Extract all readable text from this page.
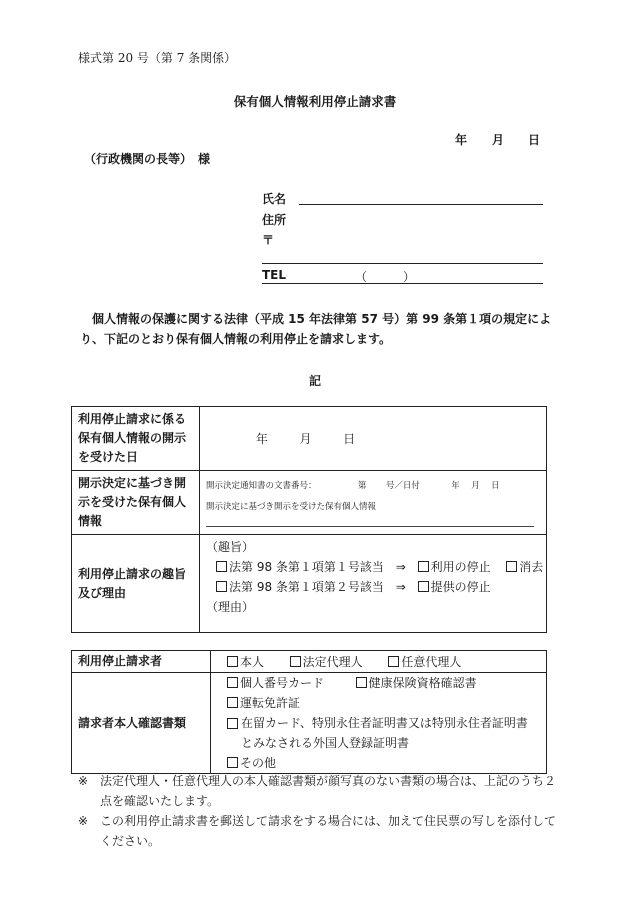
様式第 20 号（第 7 条関係）
保有個人情報利用停止請求書
年 月 日
（行政機関の長等）　様
氏名
住所
〒
TEL	（　　　）
個人情報の保護に関する法律（平成 15 年法律第 57 号）第 99 条第１項の規定により、下記のとおり保有個人情報の利用停止を請求します。
記
利用停止請求に係る保有個人情報の開示を受けた日	年 月 日
開示決定に基づき開示を受けた保有個人情報	開示決定通知書の文書番号： 第 号／日付 年 月 日
開示決定に基づき開示を受けた保有個人情報

利用停止請求の趣旨及び理由	（趣旨）
法第 98 条第１項第１号該当 ⇒ 利用の停止 消去
法第 98 条第１項第２号該当 ⇒ 提供の停止
（理由）
利用停止請求者	本人 法定代理人 任意代理人
請求者本人確認書類	個人番号カード 健康保険資格確認書
運転免許証
在留カード、特別永住者証明書又は特別永住者証明書とみなされる外国人登録証明書
その他
※ 法定代理人・任意代理人の本人確認書類が顔写真のない書類の場合は、上記のうち２点を確認いたします。
※ この利用停止請求書を郵送して請求をする場合には、加えて住民票の写しを添付してください。
